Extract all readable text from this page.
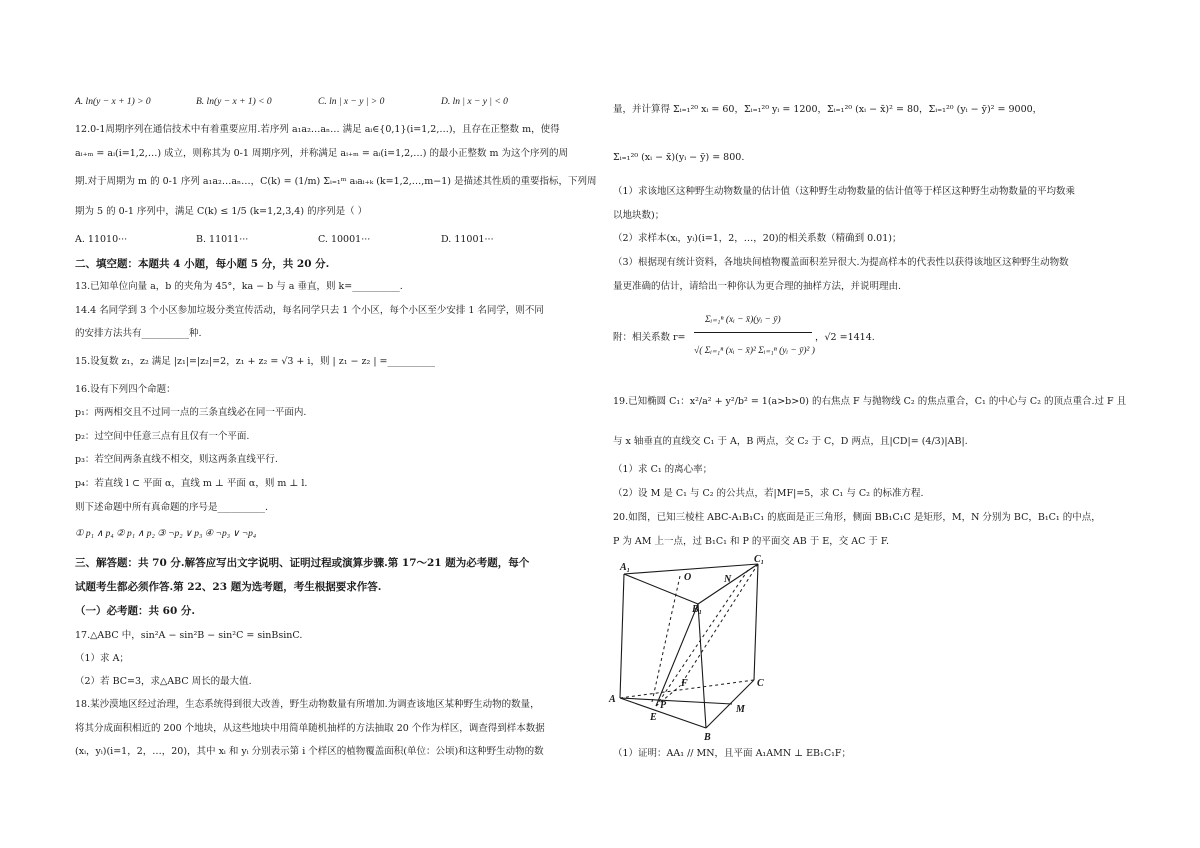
A. ln(y − x + 1) > 0	B. ln(y − x + 1) < 0	C. ln | x − y | > 0	D. ln | x − y | < 0
12.0-1周期序列在通信技术中有着重要应用.若序列 a₁a₂…aₙ… 满足 aᵢ∈{0,1}(i=1,2,…)，且存在正整数 m，使得
aᵢ₊ₘ = aᵢ(i=1,2,…) 成立，则称其为 0-1 周期序列，并称满足 aᵢ₊ₘ = aᵢ(i=1,2,…) 的最小正整数 m 为这个序列的周
期.对于周期为 m 的 0-1 序列 a₁a₂…aₙ…，C(k) = (1/m) Σᵢ₌₁ᵐ aᵢaᵢ₊ₖ (k=1,2,…,m−1) 是描述其性质的重要指标，下列周
期为 5 的 0-1 序列中，满足 C(k) ≤ 1/5 (k=1,2,3,4) 的序列是（ ）
A. 11010···	B. 11011···	C. 10001···	D. 11001···
二、填空题：本题共 4 小题，每小题 5 分，共 20 分.
13.已知单位向量 a，b 的夹角为 45°，ka − b 与 a 垂直，则 k=__________.
14.4 名同学到 3 个小区参加垃圾分类宣传活动，每名同学只去 1 个小区，每个小区至少安排 1 名同学，则不同
的安排方法共有__________种.
15.设复数 z₁，z₂ 满足 |z₁|=|z₂|=2，z₁ + z₂ = √3 + i，则 | z₁ − z₂ | =__________
16.设有下列四个命题：
p₁：两两相交且不过同一点的三条直线必在同一平面内.
p₂：过空间中任意三点有且仅有一个平面.
p₃：若空间两条直线不相交，则这两条直线平行.
p₄：若直线 l ⊂ 平面 α，直线 m ⊥ 平面 α，则 m ⊥ l.
则下述命题中所有真命题的序号是__________.
① p₁ ∧ p₄ ② p₁ ∧ p₂ ③ ¬p₂ ∨ p₃ ④ ¬p₃ ∨ ¬p₄
三、解答题：共 70 分.解答应写出文字说明、证明过程或演算步骤.第 17～21 题为必考题，每个
试题考生都必须作答.第 22、23 题为选考题，考生根据要求作答.
（一）必考题：共 60 分.
17.△ABC 中，sin²A − sin²B − sin²C = sinBsinC.
（1）求 A；
（2）若 BC=3，求△ABC 周长的最大值.
18.某沙漠地区经过治理，生态系统得到很大改善，野生动物数量有所增加.为调查该地区某种野生动物的数量，
将其分成面积相近的 200 个地块，从这些地块中用简单随机抽样的方法抽取 20 个作为样区，调查得到样本数据
(xᵢ，yᵢ)(i=1，2，…，20)，其中 xᵢ 和 yᵢ 分别表示第 i 个样区的植物覆盖面积(单位：公顷)和这种野生动物的数
量，并计算得 Σᵢ₌₁²⁰ xᵢ = 60，Σᵢ₌₁²⁰ yᵢ = 1200，Σᵢ₌₁²⁰ (xᵢ − x̄)² = 80，Σᵢ₌₁²⁰ (yᵢ − ȳ)² = 9000，
Σᵢ₌₁²⁰ (xᵢ − x̄)(yᵢ − ȳ) = 800.
（1）求该地区这种野生动物数量的估计值（这种野生动物数量的估计值等于样区这种野生动物数量的平均数乘
以地块数)；
（2）求样本(xᵢ，yᵢ)(i=1，2，…，20)的相关系数（精确到 0.01)；
（3）根据现有统计资料，各地块间植物覆盖面积差异很大.为提高样本的代表性以获得该地区这种野生动物数
量更准确的估计，请给出一种你认为更合理的抽样方法，并说明理由.
附：相关系数 r=
Σᵢ₌₁ⁿ (xᵢ − x̄)(yᵢ − ȳ)
√( Σᵢ₌₁ⁿ (xᵢ − x̄)² Σᵢ₌₁ⁿ (yᵢ − ȳ)² )
，√2 =1414.
19.已知椭圆 C₁：x²/a² + y²/b² = 1(a>b>0) 的右焦点 F 与抛物线 C₂ 的焦点重合，C₁ 的中心与 C₂ 的顶点重合.过 F 且
与 x 轴垂直的直线交 C₁ 于 A，B 两点，交 C₂ 于 C，D 两点，且|CD|= (4/3)|AB|.
（1）求 C₁ 的离心率；
（2）设 M 是 C₁ 与 C₂ 的公共点，若|MF|=5，求 C₁ 与 C₂ 的标准方程.
20.如图，已知三棱柱 ABC-A₁B₁C₁ 的底面是正三角形，侧面 BB₁C₁C 是矩形，M，N 分别为 BC，B₁C₁ 的中点，
P 为 AM 上一点，过 B₁C₁ 和 P 的平面交 AB 于 E，交 AC 于 F.
A₁
O	N
C₁
B₁
F	C
A
P
E
M
B
（1）证明：AA₁ // MN，且平面 A₁AMN ⊥ EB₁C₁F；
